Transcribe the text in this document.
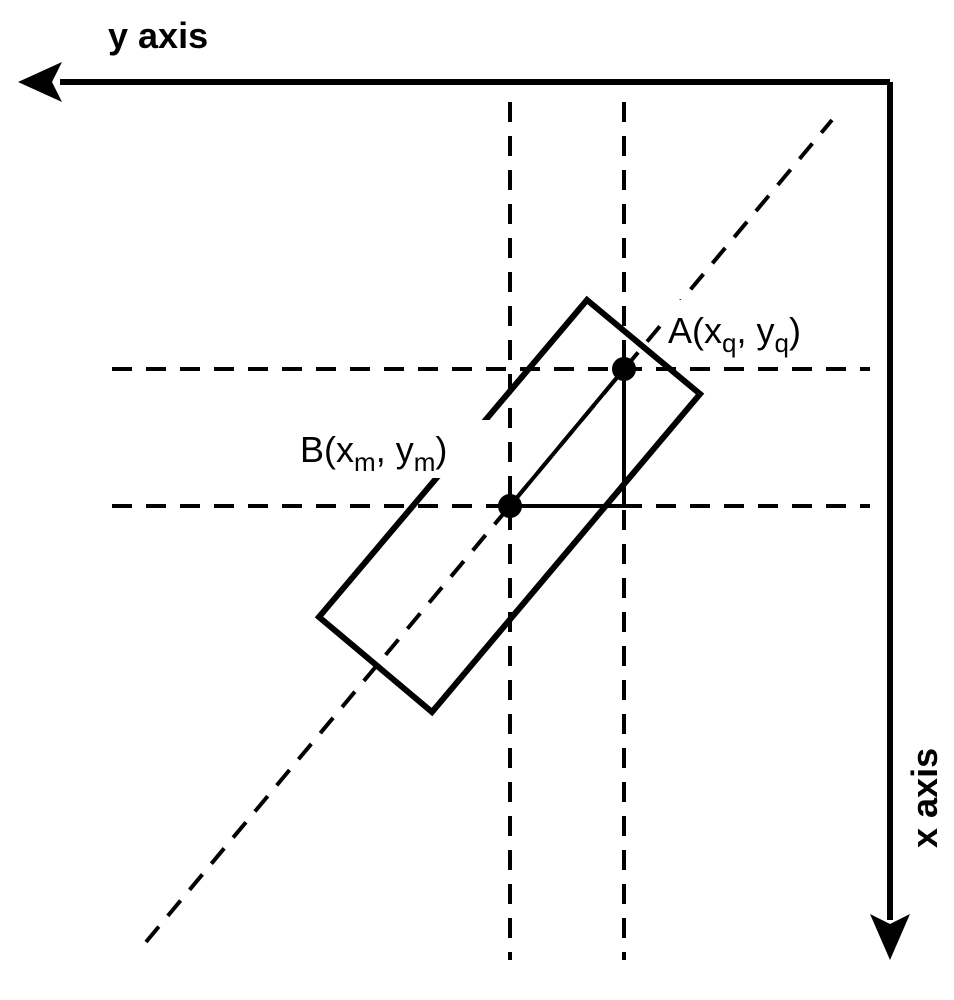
y axis
x axis
$A(x_q$, $y_q$)
$B(x_m$, $y_m$)
